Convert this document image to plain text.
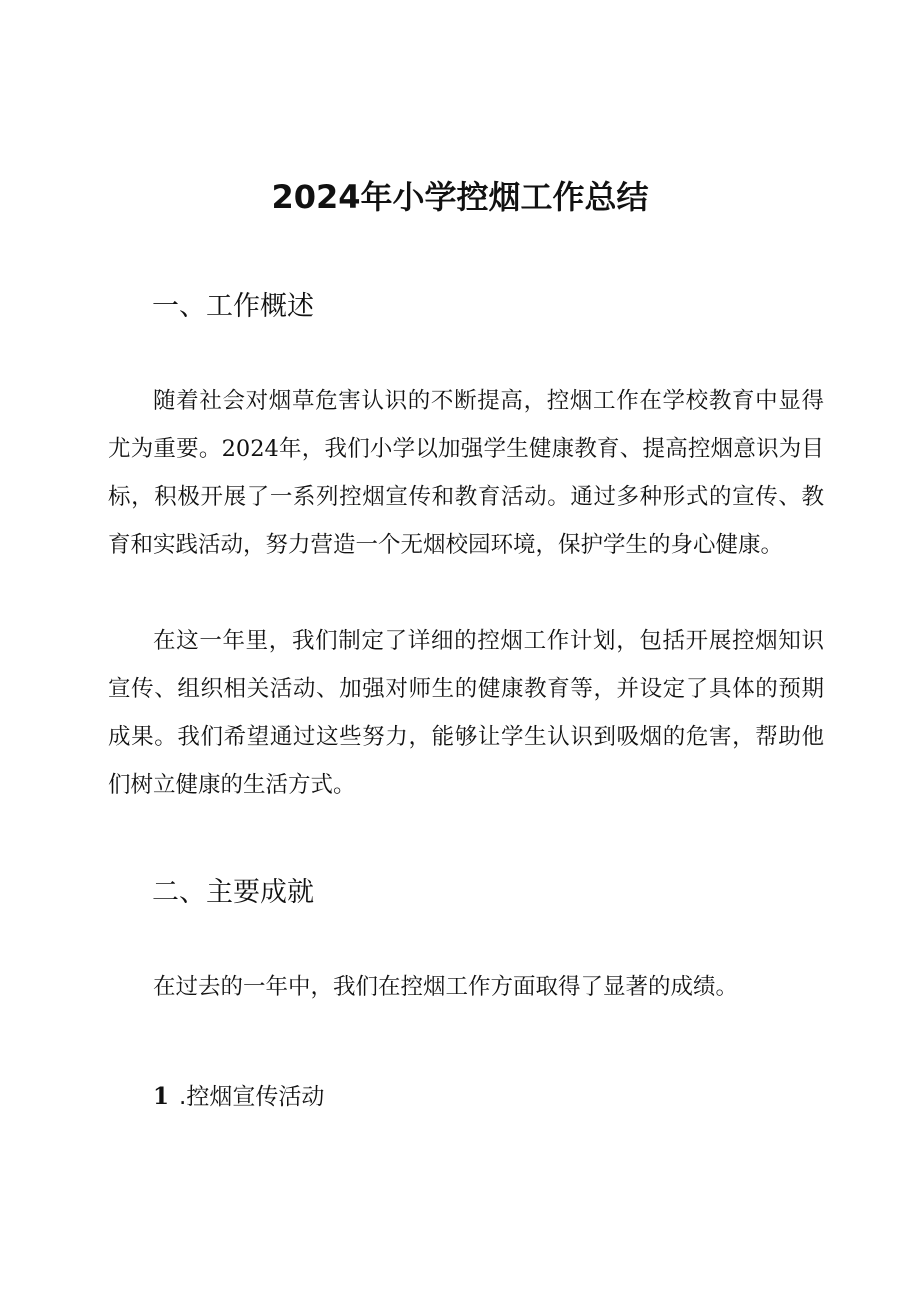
2024年小学控烟工作总结
一、工作概述

随着社会对烟草危害认识的不断提高，控烟工作在学校教育中显得尤为重要。2024年，我们小学以加强学生健康教育、提高控烟意识为目标，积极开展了一系列控烟宣传和教育活动。通过多种形式的宣传、教育和实践活动，努力营造一个无烟校园环境，保护学生的身心健康。

在这一年里，我们制定了详细的控烟工作计划，包括开展控烟知识宣传、组织相关活动、加强对师生的健康教育等，并设定了具体的预期成果。我们希望通过这些努力，能够让学生认识到吸烟的危害，帮助他们树立健康的生活方式。

二、主要成就

在过去的一年中，我们在控烟工作方面取得了显著的成绩。

1 .控烟宣传活动
